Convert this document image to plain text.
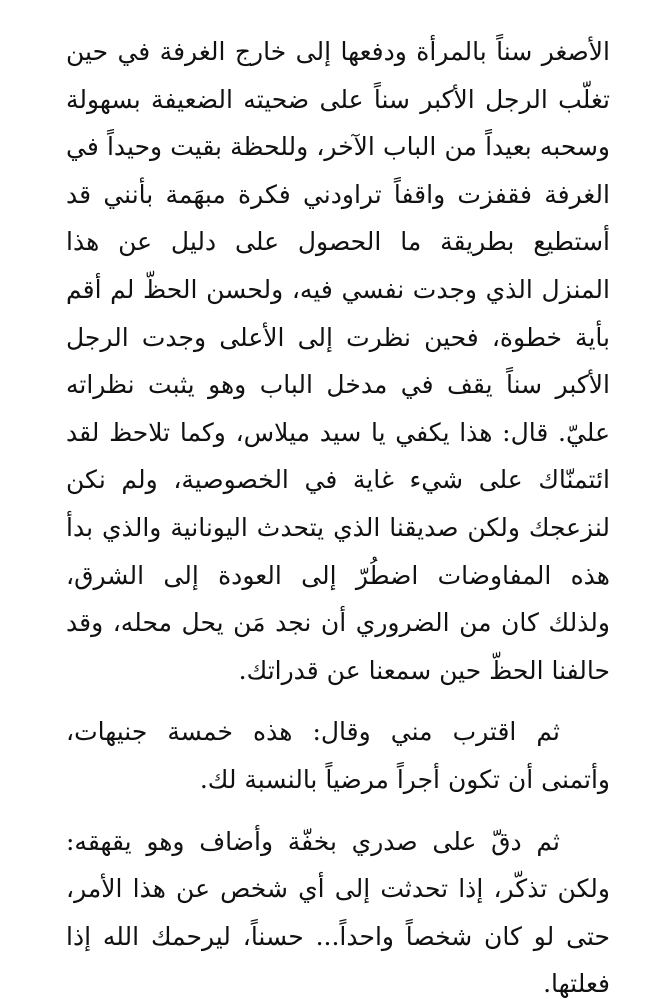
الأصغر سناً بالمرأة ودفعها إلى خارج الغرفة في حين تغلّب الرجل الأكبر سناً على ضحيته الضعيفة بسهولة وسحبه بعيداً من الباب الآخر، وللحظة بقيت وحيداً في الغرفة فقفزت واقفاً تراودني فكرة مبهَمة بأنني قد أستطيع بطريقة ما الحصول على دليل عن هذا المنزل الذي وجدت نفسي فيه، ولحسن الحظّ لم أقم بأية خطوة، فحين نظرت إلى الأعلى وجدت الرجل الأكبر سناً يقف في مدخل الباب وهو يثبت نظراته عليّ. قال: هذا يكفي يا سيد ميلاس، وكما تلاحظ لقد ائتمنّاك على شيء غاية في الخصوصية، ولم نكن لنزعجك ولكن صديقنا الذي يتحدث اليونانية والذي بدأ هذه المفاوضات اضطُرّ إلى العودة إلى الشرق، ولذلك كان من الضروري أن نجد مَن يحل محله، وقد حالفنا الحظّ حين سمعنا عن قدراتك.

ثم اقترب مني وقال: هذه خمسة جنيهات، وأتمنى أن تكون أجراً مرضياً بالنسبة لك.

ثم دقّ على صدري بخفّة وأضاف وهو يقهقه: ولكن تذكّر، إذا تحدثت إلى أي شخص عن هذا الأمر، حتى لو كان شخصاً واحداً... حسناً، ليرحمك الله إذا فعلتها.
